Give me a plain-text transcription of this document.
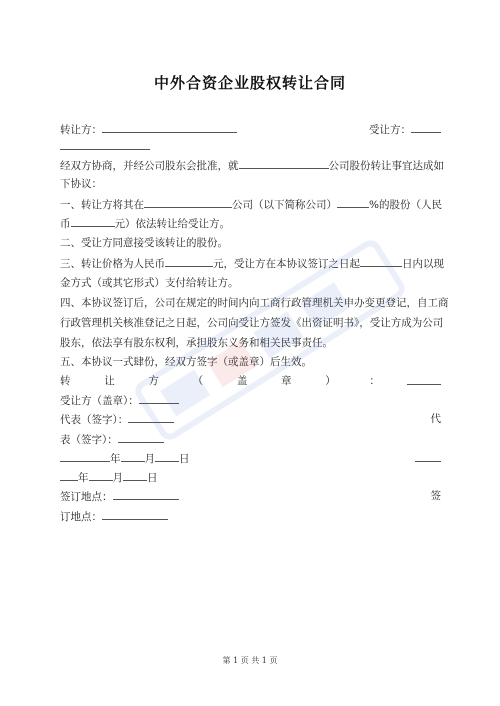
中外合资企业股权转让合同
转让方：	受让方：
经双方协商，并经公司股东会批准，就	公司股份转让事宜达成如
下协议：
一、转让方将其在	公司（以下简称公司）	%的股份（人民
币	元）依法转让给受让方。
二、受让方同意接受该转让的股份。
三、转让价格为人民币	元，受让方在本协议签订之日起	日内以现
金方式（或其它形式）支付给转让方。
四、本协议签订后，公司在规定的时间内向工商行政管理机关申办变更登记，自工商
行政管理机关核准登记之日起，公司向受让方签发《出资证明书》，受让方成为公司
股东，依法享有股东权利，承担股东义务和相关民事责任。
五、本协议一式肆份，经双方签字（或盖章）后生效。
转	让	方	（	盖	章	）	：
受让方（盖章）：
代表（签字）：	代
表（签字）：
年 月 日
年 月 日
签订地点：	签
订地点：
第 1 页 共 1 页
